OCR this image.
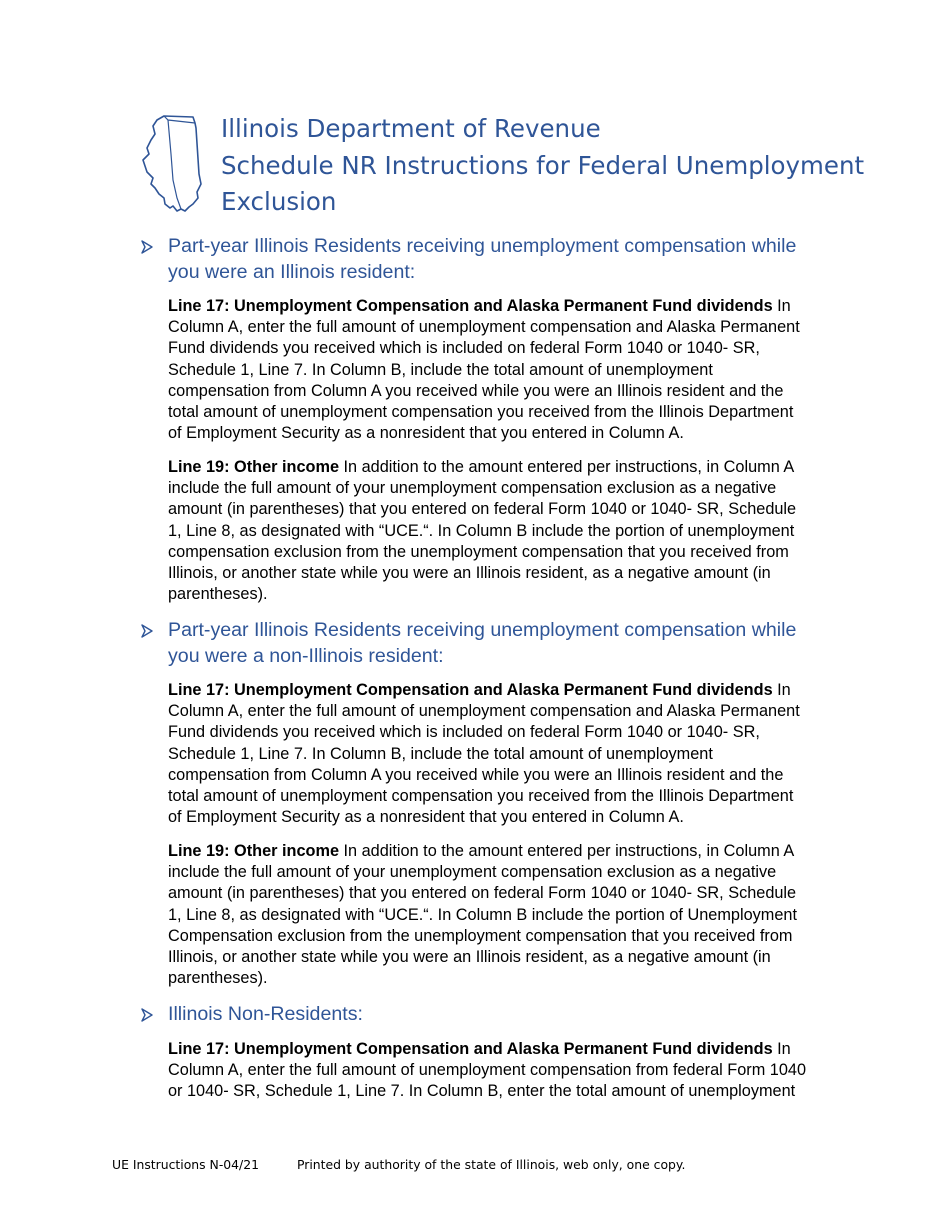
Illinois Department of Revenue
Schedule NR Instructions for Federal Unemployment
Exclusion
Part-year Illinois Residents receiving unemployment compensation while
you were an Illinois resident:
Line 17: Unemployment Compensation and Alaska Permanent Fund dividends In
Column A, enter the full amount of unemployment compensation and Alaska Permanent
Fund dividends you received which is included on federal Form 1040 or 1040- SR,
Schedule 1, Line 7. In Column B, include the total amount of unemployment
compensation from Column A you received while you were an Illinois resident and the
total amount of unemployment compensation you received from the Illinois Department
of Employment Security as a nonresident that you entered in Column A.
Line 19: Other income In addition to the amount entered per instructions, in Column A
include the full amount of your unemployment compensation exclusion as a negative
amount (in parentheses) that you entered on federal Form 1040 or 1040- SR, Schedule
1, Line 8, as designated with “UCE.“. In Column B include the portion of unemployment
compensation exclusion from the unemployment compensation that you received from
Illinois, or another state while you were an Illinois resident, as a negative amount (in
parentheses).
Part-year Illinois Residents receiving unemployment compensation while
you were a non-Illinois resident:
Line 17: Unemployment Compensation and Alaska Permanent Fund dividends In
Column A, enter the full amount of unemployment compensation and Alaska Permanent
Fund dividends you received which is included on federal Form 1040 or 1040- SR,
Schedule 1, Line 7. In Column B, include the total amount of unemployment
compensation from Column A you received while you were an Illinois resident and the
total amount of unemployment compensation you received from the Illinois Department
of Employment Security as a nonresident that you entered in Column A.
Line 19: Other income In addition to the amount entered per instructions, in Column A
include the full amount of your unemployment compensation exclusion as a negative
amount (in parentheses) that you entered on federal Form 1040 or 1040- SR, Schedule
1, Line 8, as designated with “UCE.“. In Column B include the portion of Unemployment
Compensation exclusion from the unemployment compensation that you received from
Illinois, or another state while you were an Illinois resident, as a negative amount (in
parentheses).
Illinois Non-Residents:
Line 17: Unemployment Compensation and Alaska Permanent Fund dividends In
Column A, enter the full amount of unemployment compensation from federal Form 1040
or 1040- SR, Schedule 1, Line 7. In Column B, enter the total amount of unemployment
UE Instructions N-04/21	Printed by authority of the state of Illinois, web only, one copy.
